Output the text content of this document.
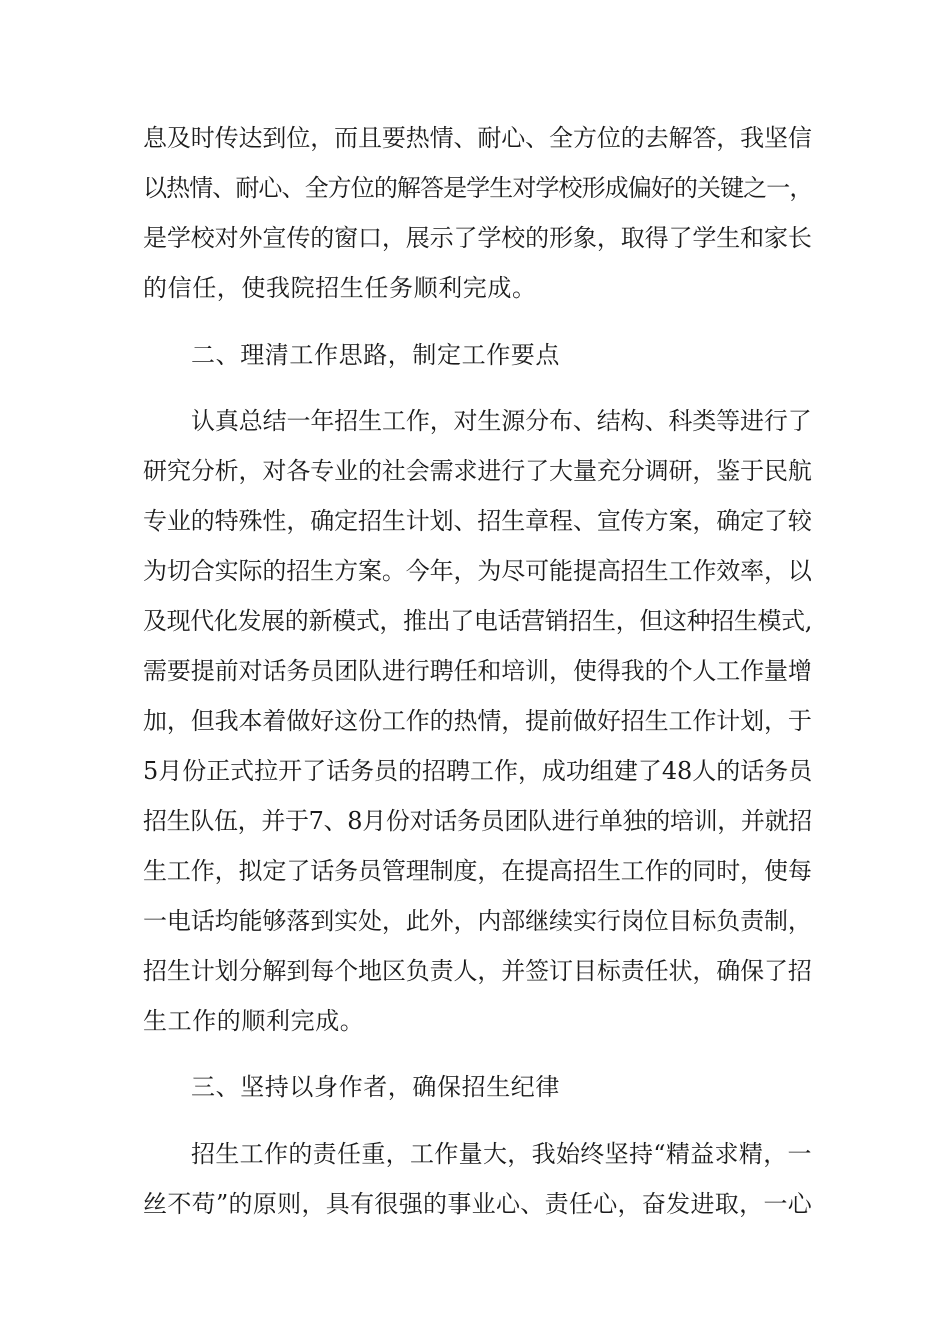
息及时传达到位，而且要热情、耐心、全方位的去解答，我坚信
以热情、耐心、全方位的解答是学生对学校形成偏好的关键之一，
是学校对外宣传的窗口，展示了学校的形象，取得了学生和家长
的信任，使我院招生任务顺利完成。
二、理清工作思路，制定工作要点
认真总结一年招生工作，对生源分布、结构、科类等进行了
研究分析，对各专业的社会需求进行了大量充分调研，鉴于民航
专业的特殊性，确定招生计划、招生章程、宣传方案，确定了较
为切合实际的招生方案。今年，为尽可能提高招生工作效率，以
及现代化发展的新模式，推出了电话营销招生，但这种招生模式,
需要提前对话务员团队进行聘任和培训，使得我的个人工作量增
加，但我本着做好这份工作的热情，提前做好招生工作计划，于
5月份正式拉开了话务员的招聘工作，成功组建了48人的话务员
招生队伍，并于7、8月份对话务员团队进行单独的培训，并就招
生工作，拟定了话务员管理制度，在提高招生工作的同时，使每
一电话均能够落到实处，此外，内部继续实行岗位目标负责制，
招生计划分解到每个地区负责人，并签订目标责任状，确保了招
生工作的顺利完成。
三、坚持以身作者，确保招生纪律
招生工作的责任重，工作量大，我始终坚持“精益求精，一
丝不苟”的原则，具有很强的事业心、责任心，奋发进取，一心
